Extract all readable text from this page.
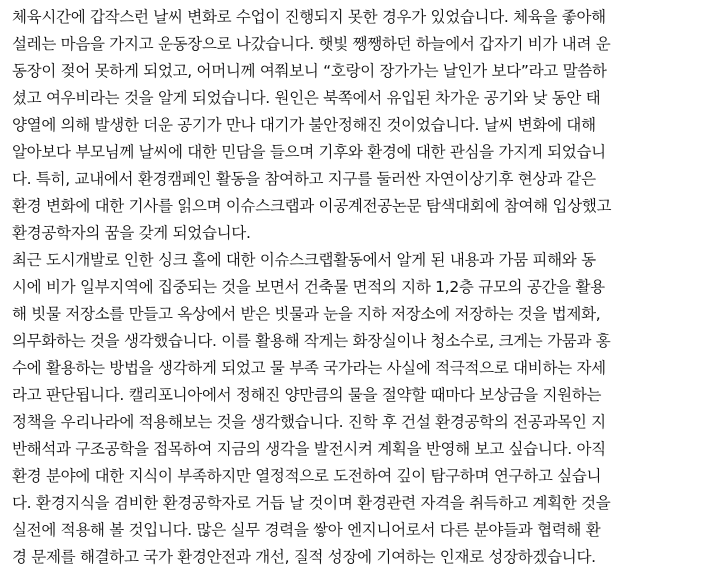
체육시간에 갑작스런 날씨 변화로 수업이 진행되지 못한 경우가 있었습니다. 체육을 좋아해
설레는 마음을 가지고 운동장으로 나갔습니다. 햇빛 쨍쨍하던 하늘에서 갑자기 비가 내려 운
동장이 젖어 못하게 되었고, 어머니께 여쭤보니 “호랑이 장가가는 날인가 보다”라고 말씀하
셨고 여우비라는 것을 알게 되었습니다. 원인은 북쪽에서 유입된 차가운 공기와 낮 동안 태
양열에 의해 발생한 더운 공기가 만나 대기가 불안정해진 것이었습니다. 날씨 변화에 대해
알아보다 부모님께 날씨에 대한 민담을 들으며 기후와 환경에 대한 관심을 가지게 되었습니
다. 특히, 교내에서 환경캠페인 활동을 참여하고 지구를 둘러싼 자연이상기후 현상과 같은
환경 변화에 대한 기사를 읽으며 이슈스크랩과 이공계전공논문 탐색대회에 참여해 입상했고
환경공학자의 꿈을 갖게 되었습니다.
최근 도시개발로 인한 싱크 홀에 대한 이슈스크랩활동에서 알게 된 내용과 가뭄 피해와 동
시에 비가 일부지역에 집중되는 것을 보면서 건축물 면적의 지하 1,2층 규모의 공간을 활용
해 빗물 저장소를 만들고 옥상에서 받은 빗물과 눈을 지하 저장소에 저장하는 것을 법제화,
의무화하는 것을 생각했습니다. 이를 활용해 작게는 화장실이나 청소수로, 크게는 가뭄과 홍
수에 활용하는 방법을 생각하게 되었고 물 부족 국가라는 사실에 적극적으로 대비하는 자세
라고 판단됩니다. 캘리포니아에서 정해진 양만큼의 물을 절약할 때마다 보상금을 지원하는
정책을 우리나라에 적용해보는 것을 생각했습니다. 진학 후 건설 환경공학의 전공과목인 지
반해석과 구조공학을 접목하여 지금의 생각을 발전시켜 계획을 반영해 보고 싶습니다. 아직
환경 분야에 대한 지식이 부족하지만 열정적으로 도전하여 깊이 탐구하며 연구하고 싶습니
다. 환경지식을 겸비한 환경공학자로 거듭 날 것이며 환경관련 자격을 취득하고 계획한 것을
실전에 적용해 볼 것입니다. 많은 실무 경력을 쌓아 엔지니어로서 다른 분야들과 협력해 환
경 문제를 해결하고 국가 환경안전과 개선, 질적 성장에 기여하는 인재로 성장하겠습니다.
